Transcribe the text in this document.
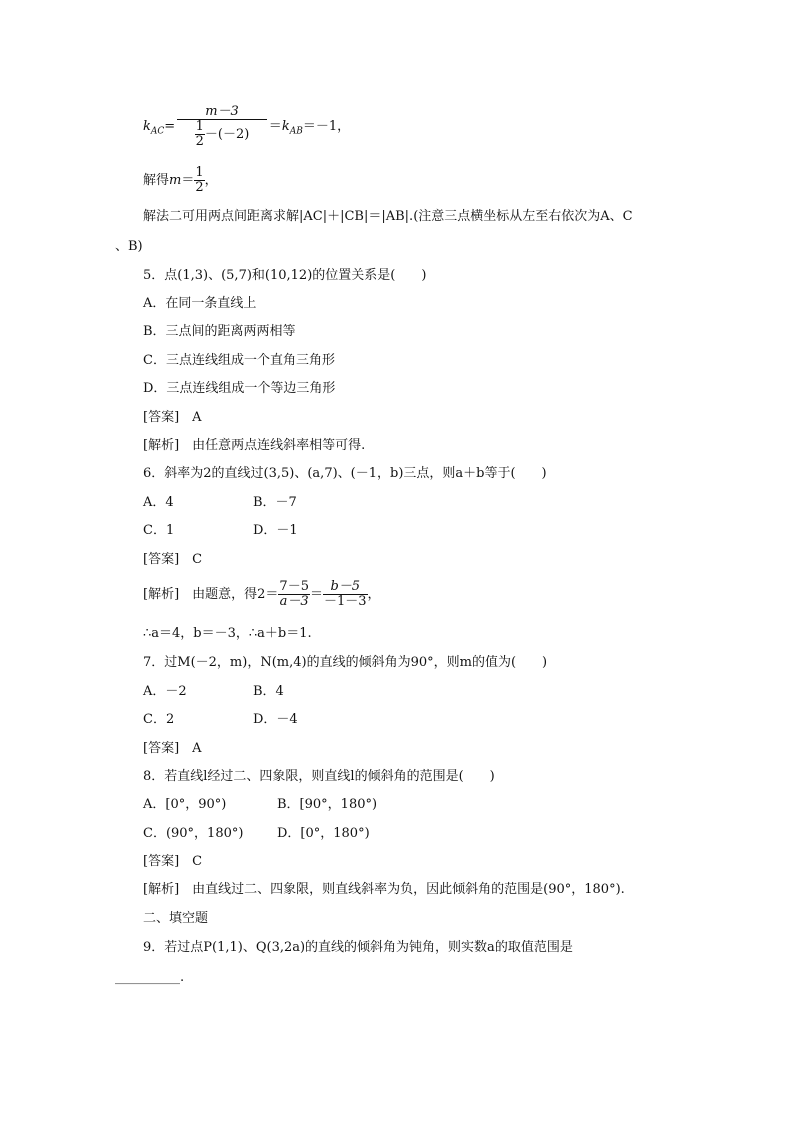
$k_{AC}= \frac{m-3}{\frac{1}{2} -(-2)} =k_{AB}=-1$，
解得$m= \frac{1}{2}$ ，
解法二可用两点间距离求解|AC|＋|CB|＝|AB|.(注意三点横坐标从左至右依次为A、C
、B)
5．点(1,3)、(5,7)和(10,12)的位置关系是(　　)
A．在同一条直线上
B．三点间的距离两两相等
C．三点连线组成一个直角三角形
D．三点连线组成一个等边三角形
[答案]　A
[解析]　由任意两点连线斜率相等可得.
6．斜率为2的直线过(3,5)、(a,7)、(－1，b)三点，则a＋b等于(　　)
A．4	B．－7
C．1	D．－1
[答案]　C
[解析]　由题意，得$2= \frac{7-5}{a-3} = \frac{b-5}{-1-3}$ ，
∴a＝4，b＝－3，∴a＋b＝1.
7．过M(－2，m)，N(m,4)的直线的倾斜角为90°，则m的值为(　　)
A．－2	B．4
C．2	D．－4
[答案]　A
8．若直线l经过二、四象限，则直线l的倾斜角的范围是(　　)
A．[0°，90°)	B．[90°，180°)
C．(90°，180°)	D．[0°，180°)
[答案]　C
[解析]　由直线过二、四象限，则直线斜率为负，因此倾斜角的范围是(90°，180°).
二、填空题
9．若过点P(1,1)、Q(3,2a)的直线的倾斜角为钝角，则实数a的取值范围是
__________.
